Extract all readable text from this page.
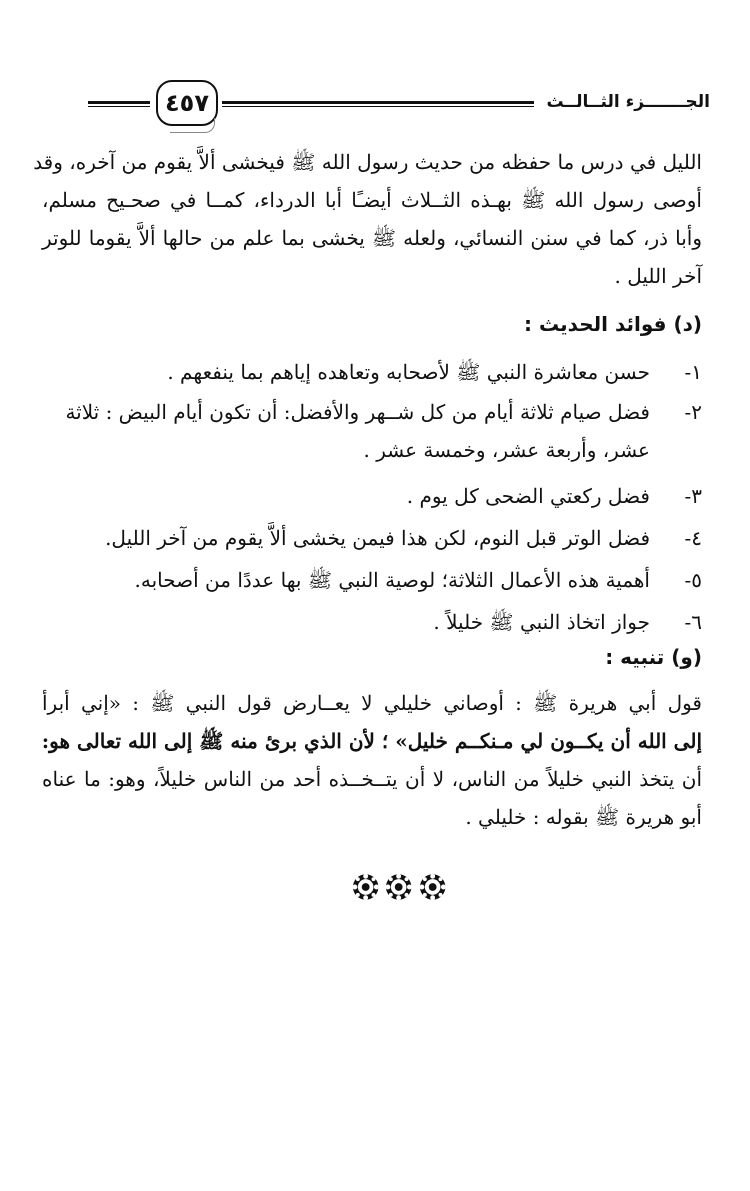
الجـــــــزء الثــالــث
٤٥٧
الليل في درس ما حفظه من حديث رسول الله ﷺ فيخشى ألاَّ يقوم من آخره، وقد
أوصى رسول الله ﷺ بهـذه الثــلاث أيضـًا أبا الدرداء، كمــا في صحـيح مسلم،
وأبا ذر، كما في سنن النسائي، ولعله ﷺ يخشى بما علم من حالها ألاَّ يقوما للوتر
آخر الليل .
(د) فوائد الحديث :
١-
حسن معاشرة النبي ﷺ لأصحابه وتعاهده إياهم بما ينفعهم .
٢-
فضل صيام ثلاثة أيام من كل شــهر والأفضل: أن تكون أيام البيض : ثلاثة
عشر، وأربعة عشر، وخمسة عشر .
٣-
فضل ركعتي الضحى كل يوم .
٤-
فضل الوتر قبل النوم، لكن هذا فيمن يخشى ألاَّ يقوم من آخر الليل.
٥-
أهمية هذه الأعمال الثلاثة؛ لوصية النبي ﷺ بها عددًا من أصحابه.
٦-
جواز اتخاذ النبي ﷺ خليلاً .
(و) تنبيه :
قول أبي هريرة ﷺ : أوصاني خليلي لا يعــارض قول النبي ﷺ : «إني أبرأ
إلى الله أن يكــون لي مـنكــم خليل» ؛ لأن الذي برئ منه ﷺ إلى الله تعالى هو:
أن يتخذ النبي خليلاً من الناس، لا أن يتــخــذه أحد من الناس خليلاً، وهو: ما عناه
أبو هريرة ﷺ بقوله : خليلي .
